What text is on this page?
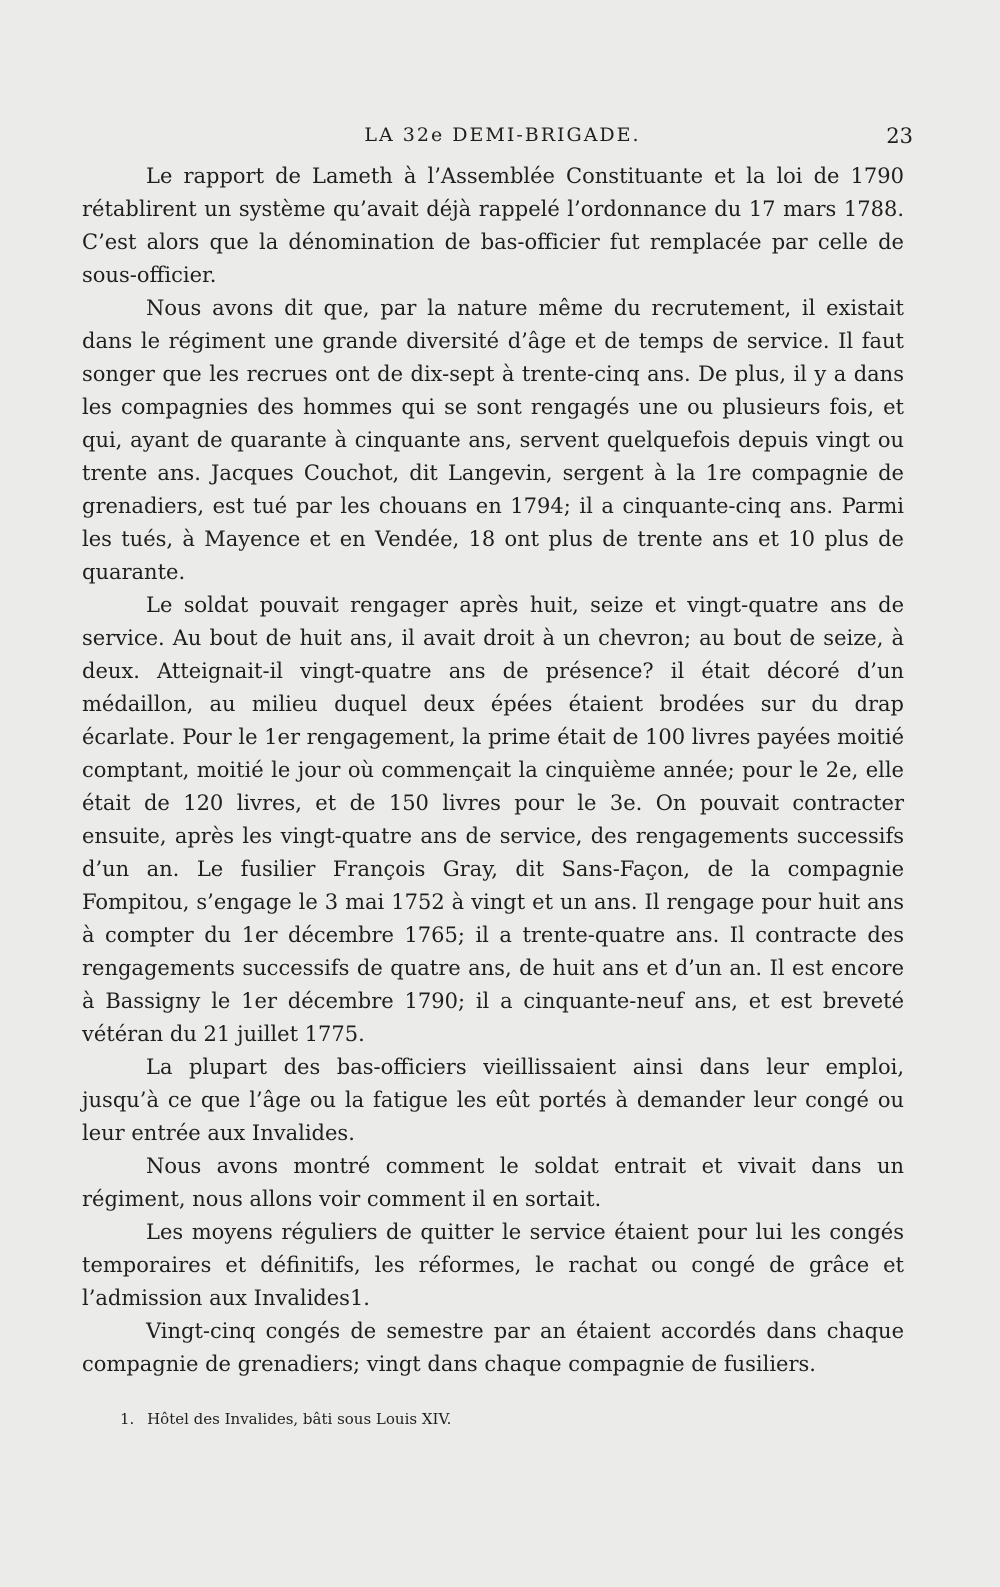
LA 32e DEMI-BRIGADE.	23

Le rapport de Lameth à l’Assemblée Constituante et la loi de 1790 rétablirent un système qu’avait déjà rappelé l’ordonnance du 17 mars 1788. C’est alors que la dénomination de bas-officier fut remplacée par celle de sous-officier.

Nous avons dit que, par la nature même du recrutement, il existait dans le régiment une grande diversité d’âge et de temps de service. Il faut songer que les recrues ont de dix-sept à trente-cinq ans. De plus, il y a dans les compagnies des hommes qui se sont rengagés une ou plusieurs fois, et qui, ayant de quarante à cinquante ans, servent quelquefois depuis vingt ou trente ans. Jacques Couchot, dit Langevin, sergent à la 1re compagnie de grenadiers, est tué par les chouans en 1794; il a cinquante-cinq ans. Parmi les tués, à Mayence et en Vendée, 18 ont plus de trente ans et 10 plus de quarante.

Le soldat pouvait rengager après huit, seize et vingt-quatre ans de service. Au bout de huit ans, il avait droit à un chevron; au bout de seize, à deux. Atteignait-il vingt-quatre ans de présence? il était décoré d’un médaillon, au milieu duquel deux épées étaient brodées sur du drap écarlate. Pour le 1er rengagement, la prime était de 100 livres payées moitié comptant, moitié le jour où commençait la cinquième année; pour le 2e, elle était de 120 livres, et de 150 livres pour le 3e. On pouvait contracter ensuite, après les vingt-quatre ans de service, des rengagements successifs d’un an. Le fusilier François Gray, dit Sans-Façon, de la compagnie Fompitou, s’engage le 3 mai 1752 à vingt et un ans. Il rengage pour huit ans à compter du 1er décembre 1765; il a trente-quatre ans. Il contracte des rengagements successifs de quatre ans, de huit ans et d’un an. Il est encore à Bassigny le 1er décembre 1790; il a cinquante-neuf ans, et est breveté vétéran du 21 juillet 1775.

La plupart des bas-officiers vieillissaient ainsi dans leur emploi, jusqu’à ce que l’âge ou la fatigue les eût portés à demander leur congé ou leur entrée aux Invalides.

Nous avons montré comment le soldat entrait et vivait dans un régiment, nous allons voir comment il en sortait.

Les moyens réguliers de quitter le service étaient pour lui les congés temporaires et définitifs, les réformes, le rachat ou congé de grâce et l’admission aux Invalides1.

Vingt-cinq congés de semestre par an étaient accordés dans chaque compagnie de grenadiers; vingt dans chaque compagnie de fusiliers.

1. Hôtel des Invalides, bâti sous Louis XIV.
